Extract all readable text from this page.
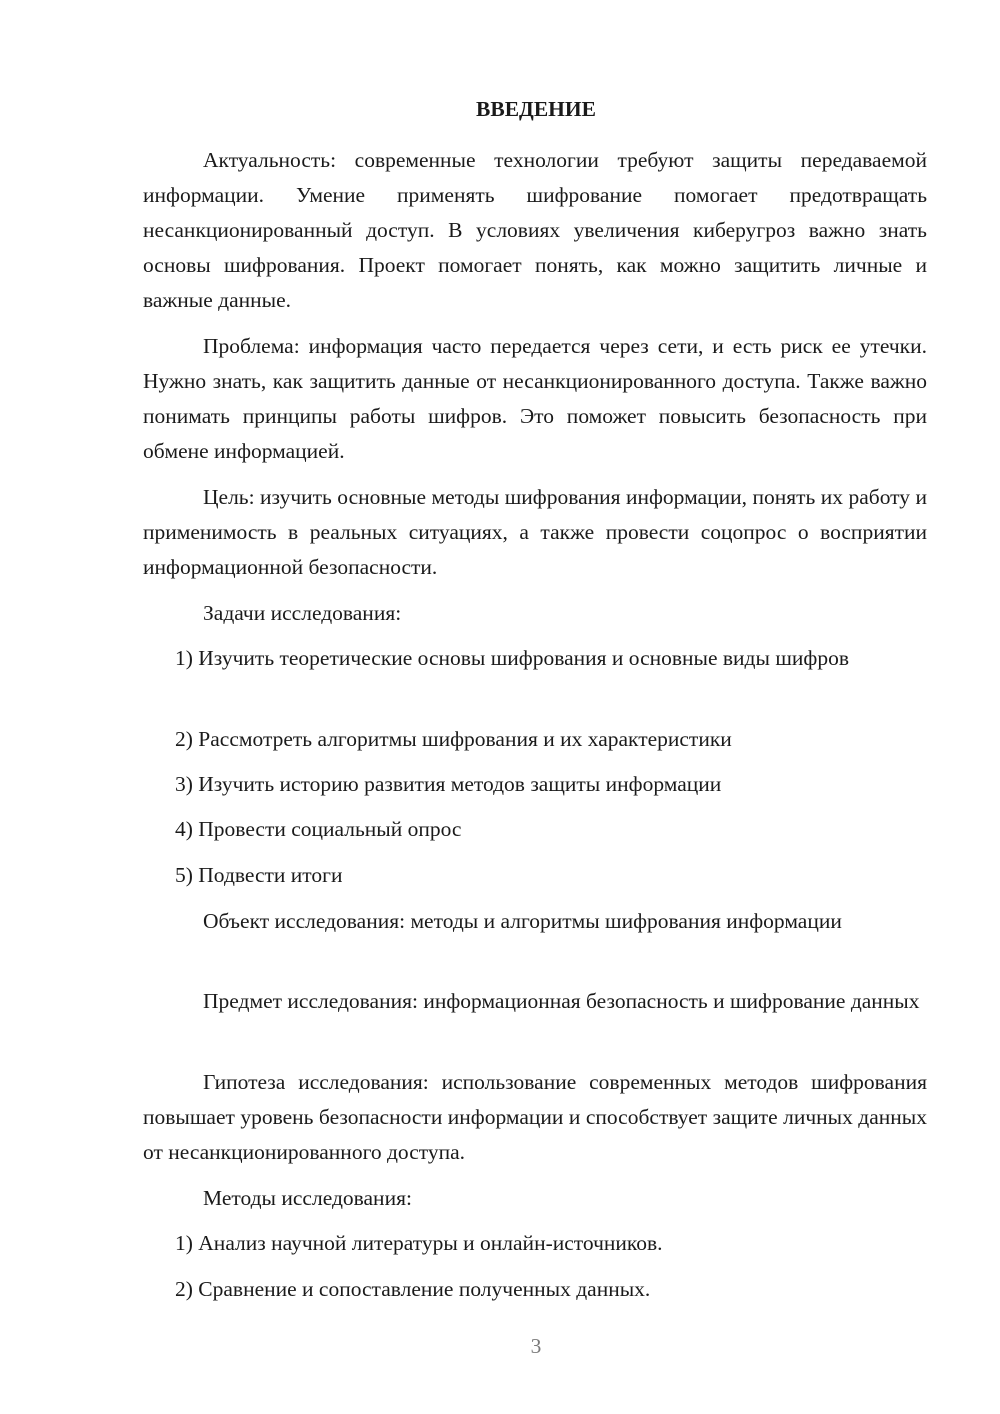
ВВЕДЕНИЕ

Актуальность: современные технологии требуют защиты передаваемой информации. Умение применять шифрование помогает предотвращать несанкционированный доступ. В условиях увеличения киберугроз важно знать основы шифрования. Проект помогает понять, как можно защитить личные и важные данные.

Проблема: информация часто передается через сети, и есть риск ее утечки. Нужно знать, как защитить данные от несанкционированного доступа. Также важно понимать принципы работы шифров. Это поможет повысить безопасность при обмене информацией.

Цель: изучить основные методы шифрования информации, понять их работу и применимость в реальных ситуациях, а также провести соцопрос о восприятии информационной безопасности.

Задачи исследования:

1) Изучить теоретические основы шифрования и основные виды шифров

2) Рассмотреть алгоритмы шифрования и их характеристики

3) Изучить историю развития методов защиты информации

4) Провести социальный опрос

5) Подвести итоги

Объект исследования: методы и алгоритмы шифрования информации

Предмет исследования: информационная безопасность и шифрование данных

Гипотеза исследования: использование современных методов шифрования повышает уровень безопасности информации и способствует защите личных данных от несанкционированного доступа.

Методы исследования:

1) Анализ научной литературы и онлайн-источников.

2) Сравнение и сопоставление полученных данных.

3
